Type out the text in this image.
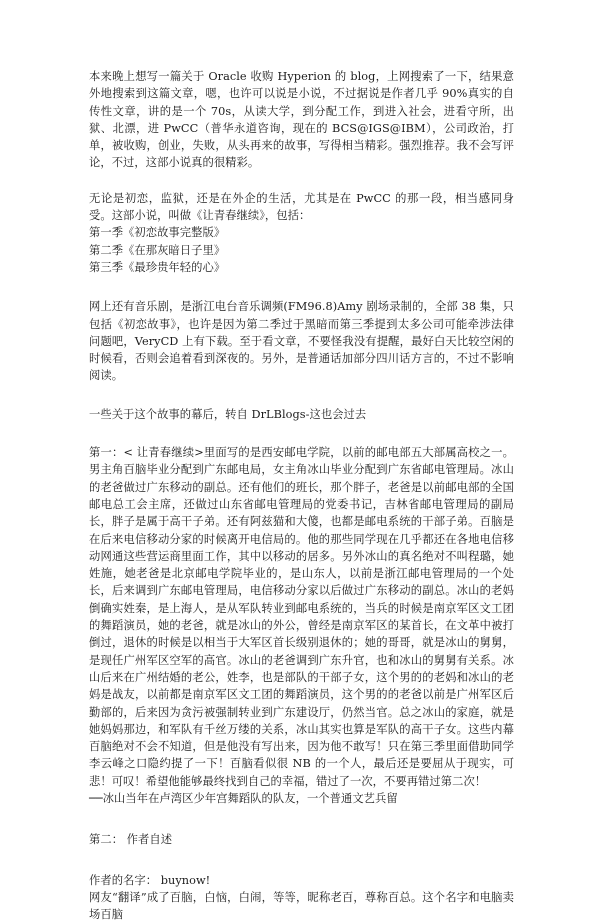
本来晚上想写一篇关于 Oracle 收购 Hyperion 的 blog，上网搜索了一下，结果意外地搜索到这篇文章，嗯，也许可以说是小说，不过据说是作者几乎 90%真实的自传性文章，讲的是一个 70s，从读大学，到分配工作，到进入社会，进看守所，出狱、北漂，进 PwCC（普华永道咨询，现在的 BCS@IGS@IBM），公司政治，打单，被收购，创业，失败，从头再来的故事，写得相当精彩。强烈推荐。我不会写评论，不过，这部小说真的很精彩。

无论是初恋，监狱，还是在外企的生活，尤其是在 PwCC 的那一段，相当感同身受。这部小说，叫做《让青春继续》，包括：

第一季《初恋故事完整版》

第二季《在那灰暗日子里》

第三季《最珍贵年轻的心》

网上还有音乐剧，是浙江电台音乐调频(FM96.8)Amy 剧场录制的，全部 38 集，只包括《初恋故事》，也许是因为第二季过于黑暗而第三季提到太多公司可能牵涉法律问题吧，VeryCD 上有下载。至于看文章，不要怪我没有提醒，最好白天比较空闲的时候看，否则会追着看到深夜的。另外，是普通话加部分四川话方言的，不过不影响阅读。

一些关于这个故事的幕后，转自 DrLBlogs-这也会过去

第一：< 让青春继续>里面写的是西安邮电学院，以前的邮电部五大部属高校之一。男主角百脑毕业分配到广东邮电局，女主角冰山毕业分配到广东省邮电管理局。冰山的老爸做过广东移动的副总。还有他们的班长，那个胖子，老爸是以前邮电部的全国邮电总工会主席，还做过山东省邮电管理局的党委书记，吉林省邮电管理局的副局长，胖子是属于高干子弟。还有阿兹猫和大傻，也都是邮电系统的干部子弟。百脑是在后来电信移动分家的时候离开电信局的。他的那些同学现在几乎都还在各地电信移动网通这些营运商里面工作，其中以移动的居多。另外冰山的真名绝对不叫程璐，她姓施，她老爸是北京邮电学院毕业的，是山东人，以前是浙江邮电管理局的一个处长，后来调到广东邮电管理局，电信移动分家以后做过广东移动的副总。冰山的老妈倒确实姓秦，是上海人，是从军队转业到邮电系统的，当兵的时候是南京军区文工团的舞蹈演员，她的老爸，就是冰山的外公，曾经是南京军区的某首长，在文革中被打倒过，退休的时候是以相当于大军区首长级别退休的；她的哥哥，就是冰山的舅舅，是现任广州军区空军的高官。冰山的老爸调到广东升官，也和冰山的舅舅有关系。冰山后来在广州结婚的老公，姓李，也是部队的干部子女，这个男的的老妈和冰山的老妈是战友，以前都是南京军区文工团的舞蹈演员，这个男的的老爸以前是广州军区后勤部的，后来因为贪污被强制转业到广东建设厅，仍然当官。总之冰山的家庭，就是她妈妈那边，和军队有千丝万缕的关系，冰山其实也算是军队的高干子女。这些内幕百脑绝对不会不知道，但是他没有写出来，因为他不敢写！只在第三季里面借助同学李云峰之口隐约提了一下！百脑看似很 NB 的一个人，最后还是要屈从于现实，可悲！可叹！希望他能够最终找到自己的幸福，错过了一次，不要再错过第二次！

──冰山当年在卢湾区少年宫舞蹈队的队友，一个普通文艺兵留

第二： 作者自述

作者的名字： buynow!

网友“翻译”成了百脑，白恼，白闹，等等，昵称老百，尊称百总。这个名字和电脑卖场百脑
